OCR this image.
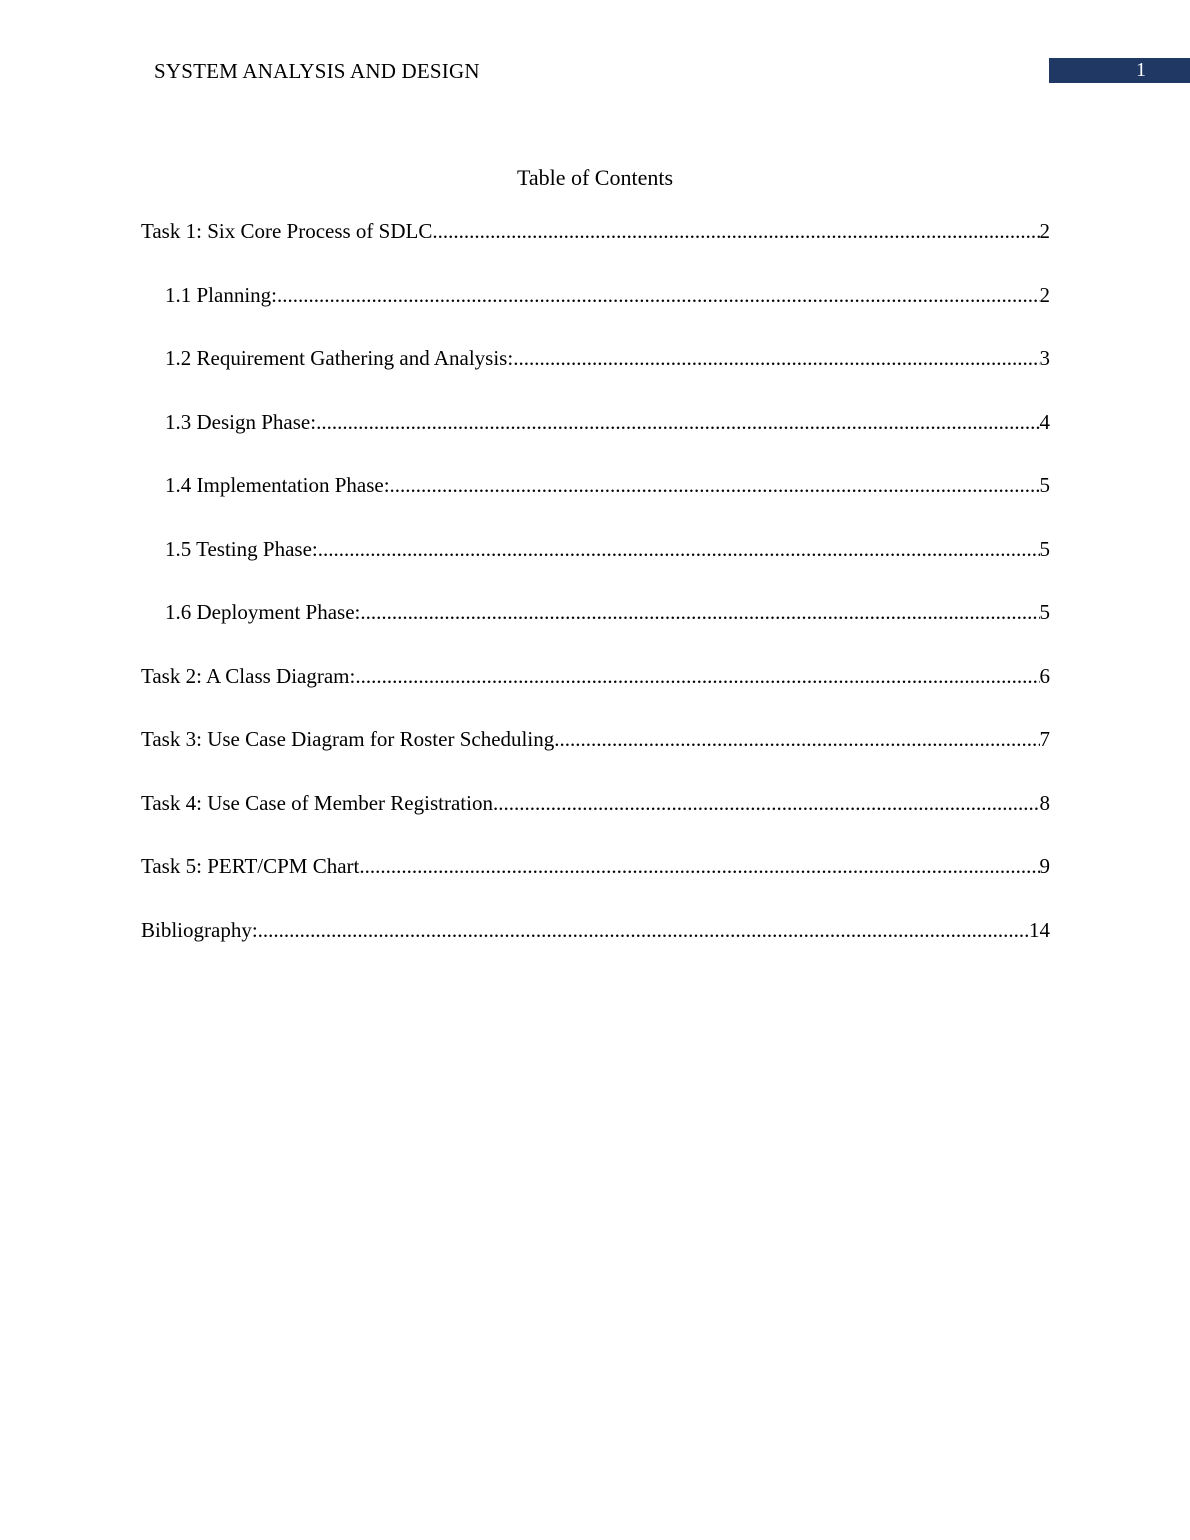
SYSTEM ANALYSIS AND DESIGN	1
Table of Contents
Task 1: Six Core Process of SDLC .....	2
1.1 Planning: .....	2
1.2 Requirement Gathering and Analysis: .....	3
1.3 Design Phase: .....	4
1.4 Implementation Phase: .....	5
1.5 Testing Phase: .....	5
1.6 Deployment Phase: .....	5
Task 2: A Class Diagram: .....	6
Task 3: Use Case Diagram for Roster Scheduling .....	7
Task 4: Use Case of Member Registration .....	8
Task 5: PERT/CPM Chart .....	9
Bibliography: .....	14
